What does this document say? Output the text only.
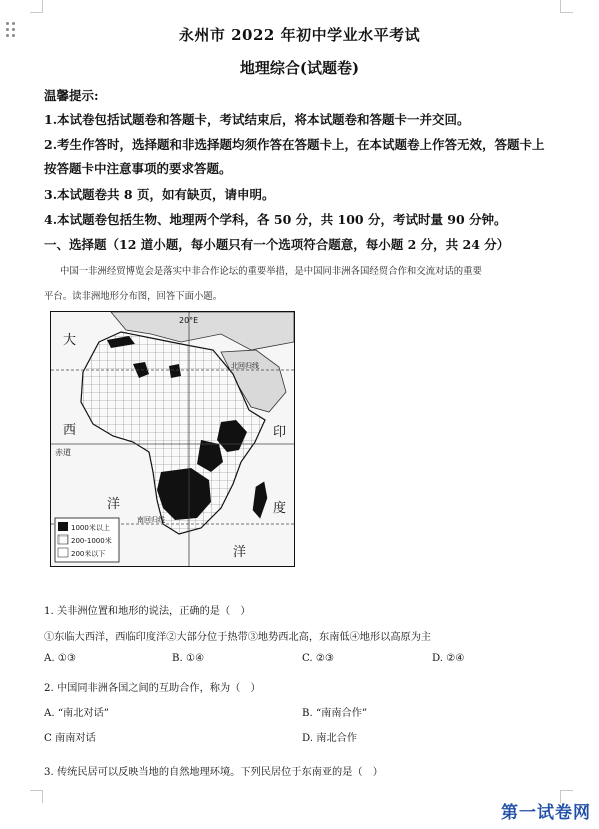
永州市 2022 年初中学业水平考试
地理综合(试题卷)
温馨提示:
1.本试卷包括试题卷和答题卡，考试结束后，将本试题卷和答题卡一并交回。
2.考生作答时，选择题和非选择题均须作答在答题卡上，在本试题卷上作答无效，答题卡上
按答题卡中注意事项的要求答题。
3.本试题卷共 8 页，如有缺页，请申明。
4.本试题卷包括生物、地理两个学科，各 50 分，共 100 分，考试时量 90 分钟。
一、选择题（12 道小题，每小题只有一个选项符合题意，每小题 2 分，共 24 分）
中国一非洲经贸博览会是落实中非合作论坛的重要举措，是中国同非洲各国经贸合作和交流对话的重要
平台。读非洲地形分布图，回答下面小题。
大
西
洋
印
度
洋
20°E
赤道
北回归线
南回归线
1000米以上
200-1000米
200米以下
1. 关非洲位置和地形的说法，正确的是（　）
①东临大西洋，西临印度洋②大部分位于热带③地势西北高，东南低④地形以高原为主
A. ①③	B. ①④	C. ②③	D. ②④
2. 中国同非洲各国之间的互助合作，称为（　）
A. “南北对话”	B. “南南合作”
C 南南对话	D. 南北合作
3. 传统民居可以反映当地的自然地理环境。下列民居位于东南亚的是（　）
第一试卷网
